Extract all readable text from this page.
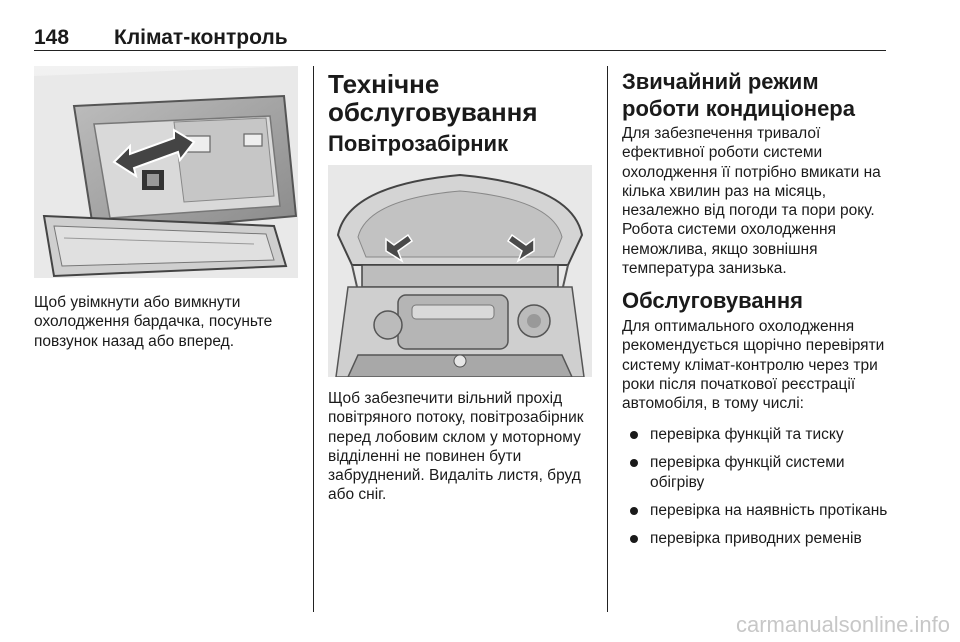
148 Клімат-контроль

Щоб увімкнути або вимкнути охолодження бардачка, посуньте повзунок назад або вперед.

Технічне обслуговування
Повітрозабірник

Щоб забезпечити вільний прохід повітряного потоку, повітрозабірник перед лобовим склом у моторному відділенні не повинен бути забруднений. Видаліть листя, бруд або сніг.

Звичайний режим роботи кондиціонера

Для забезпечення тривалої ефективної роботи системи охолодження її потрібно вмикати на кілька хвилин раз на місяць, незалежно від погоди та пори року. Робота системи охолодження неможлива, якщо зовнішня температура занизька.

Обслуговування

Для оптимального охолодження рекомендується щорічно перевіряти систему клімат-контролю через три роки після початкової реєстрації автомобіля, в тому числі:

перевірка функцій та тиску
перевірка функцій системи обігріву
перевірка на наявність протікань
перевірка приводних ременів
carmanualsonline.info
